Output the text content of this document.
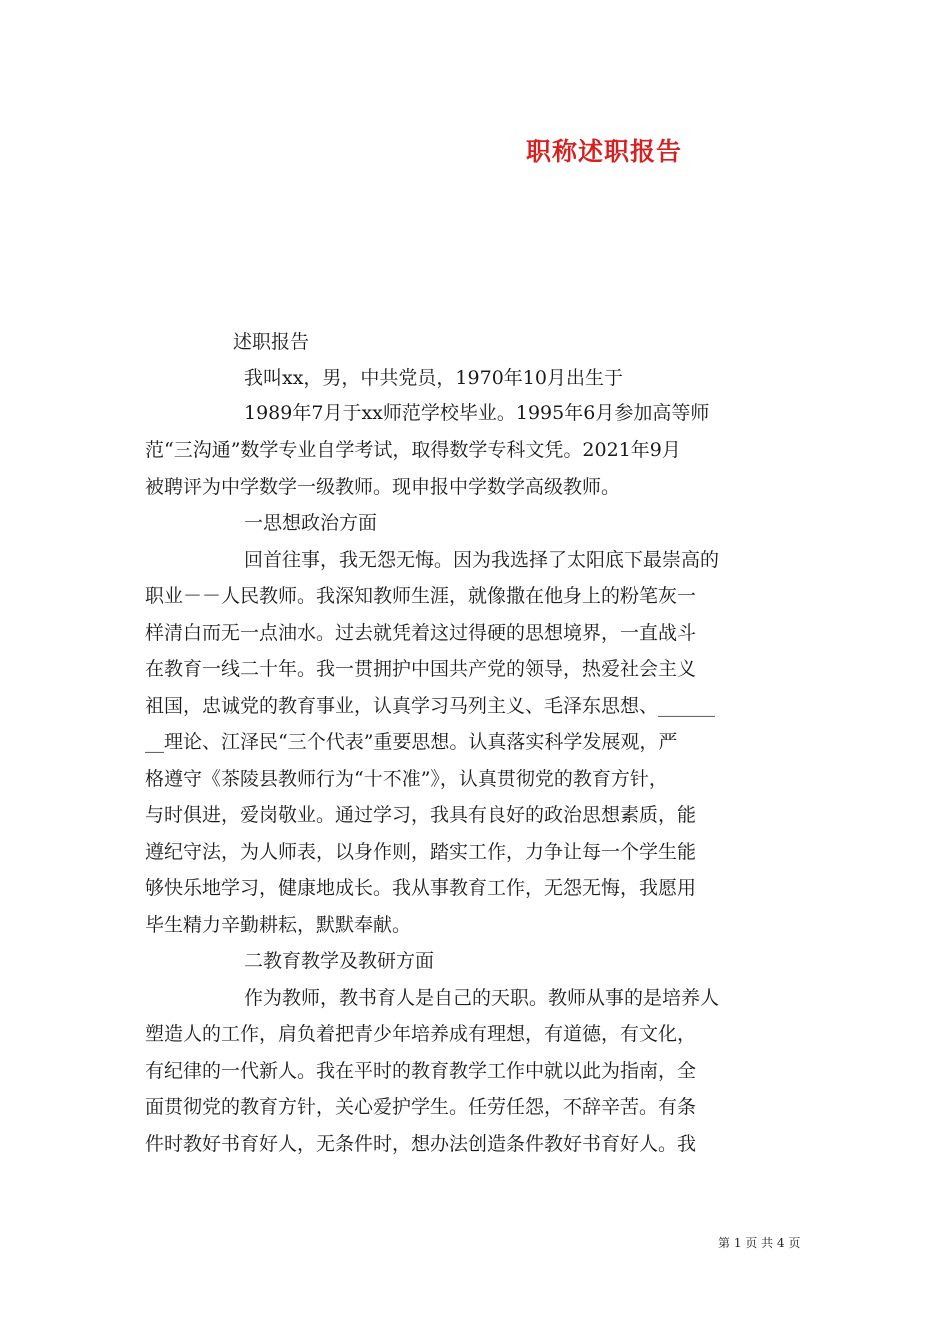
职称述职报告
述职报告
我叫xx，男，中共党员，1970年10月出生于
1989年7月于xx师范学校毕业。1995年6月参加高等师
范“三沟通”数学专业自学考试，取得数学专科文凭。2021年9月
被聘评为中学数学一级教师。现申报中学数学高级教师。
一思想政治方面
回首往事，我无怨无悔。因为我选择了太阳底下最崇高的
职业－－人民教师。我深知教师生涯，就像撒在他身上的粉笔灰一
样清白而无一点油水。过去就凭着这过得硬的思想境界，一直战斗
在教育一线二十年。我一贯拥护中国共产党的领导，热爱社会主义
祖国，忠诚党的教育事业，认真学习马列主义、毛泽东思想、______
__理论、江泽民“三个代表”重要思想。认真落实科学发展观，严
格遵守《茶陵县教师行为“十不准”》，认真贯彻党的教育方针，
与时俱进，爱岗敬业。通过学习，我具有良好的政治思想素质，能
遵纪守法，为人师表，以身作则，踏实工作，力争让每一个学生能
够快乐地学习，健康地成长。我从事教育工作，无怨无悔，我愿用
毕生精力辛勤耕耘，默默奉献。
二教育教学及教研方面
作为教师，教书育人是自己的天职。教师从事的是培养人
塑造人的工作，肩负着把青少年培养成有理想，有道德，有文化，
有纪律的一代新人。我在平时的教育教学工作中就以此为指南，全
面贯彻党的教育方针，关心爱护学生。任劳任怨，不辞辛苦。有条
件时教好书育好人，无条件时，想办法创造条件教好书育好人。我
第 1 页 共 4 页
